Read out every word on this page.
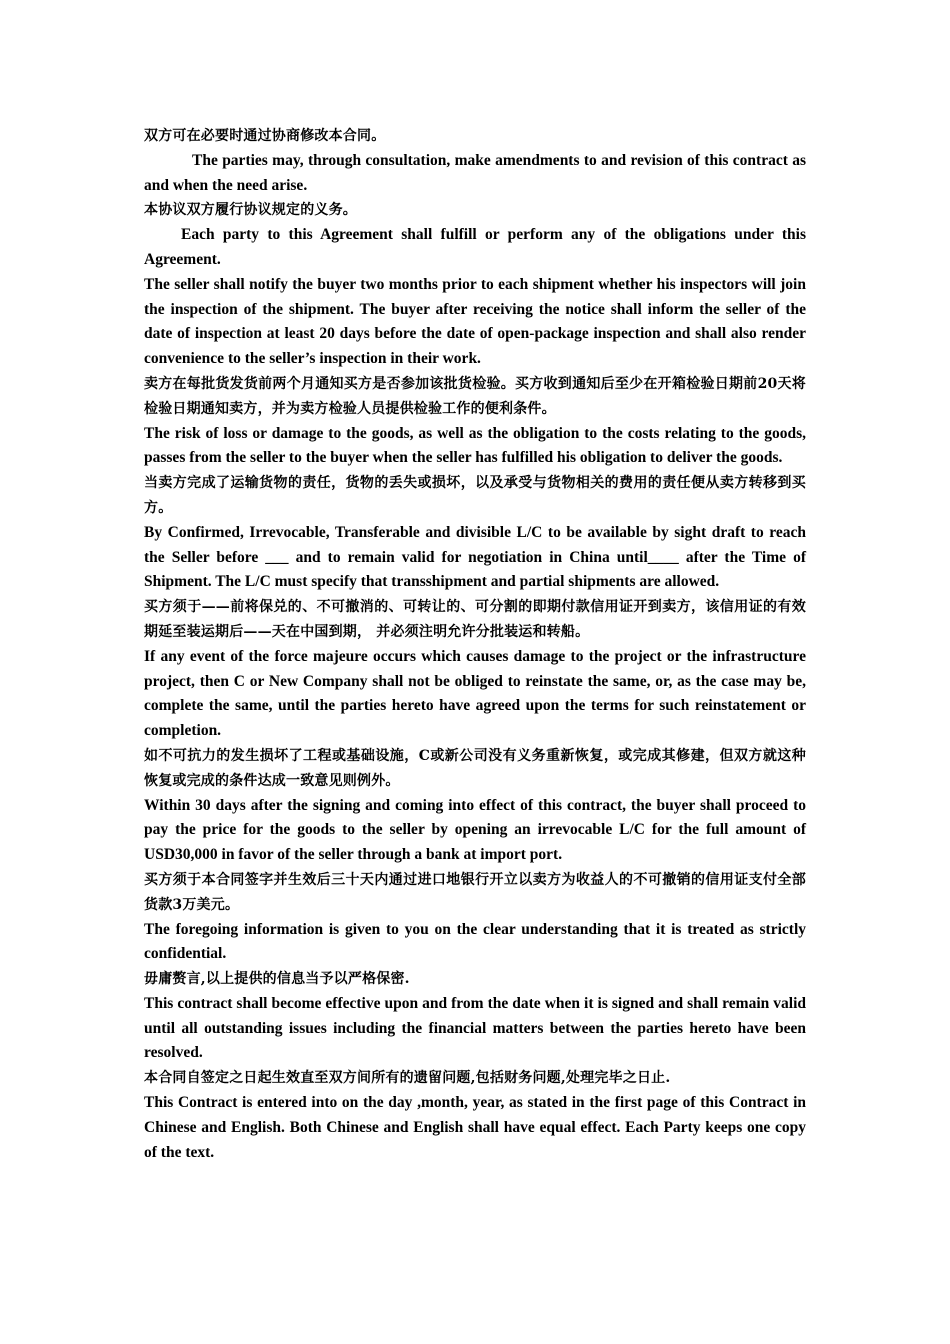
双方可在必要时通过协商修改本合同。

The parties may, through consultation, make amendments to and revision of this contract as and when the need arise.

本协议双方履行协议规定的义务。

Each party to this Agreement shall fulfill or perform any of the obligations under this Agreement.

The seller shall notify the buyer two months prior to each shipment whether his inspectors will join the inspection of the shipment. The buyer after receiving the notice shall inform the seller of the date of inspection at least 20 days before the date of open-package inspection and shall also render convenience to the seller’s inspection in their work.

卖方在每批货发货前两个月通知买方是否参加该批货检验。买方收到通知后至少在开箱检验日期前20天将检验日期通知卖方，并为卖方检验人员提供检验工作的便利条件。

The risk of loss or damage to the goods, as well as the obligation to the costs relating to the goods, passes from the seller to the buyer when the seller has fulfilled his obligation to deliver the goods.

当卖方完成了运输货物的责任，货物的丢失或损坏，以及承受与货物相关的费用的责任便从卖方转移到买方。

By Confirmed, Irrevocable, Transferable and divisible L/C to be available by sight draft to reach the Seller before ___ and to remain valid for negotiation in China until____ after the Time of Shipment. The L/C must specify that transshipment and partial shipments are allowed.

买方须于——前将保兑的、不可撤消的、可转让的、可分割的即期付款信用证开到卖方，该信用证的有效期延至装运期后——天在中国到期， 并必须注明允许分批装运和转船。

If any event of the force majeure occurs which causes damage to the project or the infrastructure project, then C or New Company shall not be obliged to reinstate the same, or, as the case may be, complete the same, until the parties hereto have agreed upon the terms for such reinstatement or completion.

如不可抗力的发生损坏了工程或基础设施，C或新公司没有义务重新恢复，或完成其修建，但双方就这种恢复或完成的条件达成一致意见则例外。

Within 30 days after the signing and coming into effect of this contract, the buyer shall proceed to pay the price for the goods to the seller by opening an irrevocable L/C for the full amount of USD30,000 in favor of the seller through a bank at import port.

买方须于本合同签字并生效后三十天内通过进口地银行开立以卖方为收益人的不可撤销的信用证支付全部货款3万美元。

The foregoing information is given to you on the clear understanding that it is treated as strictly confidential.

毋庸赘言,以上提供的信息当予以严格保密.

This contract shall become effective upon and from the date when it is signed and shall remain valid until all outstanding issues including the financial matters between the parties hereto have been resolved.

本合同自签定之日起生效直至双方间所有的遗留问题,包括财务问题,处理完毕之日止.

This Contract is entered into on the day ,month, year, as stated in the first page of this Contract in Chinese and English. Both Chinese and English shall have equal effect. Each Party keeps one copy of the text.
